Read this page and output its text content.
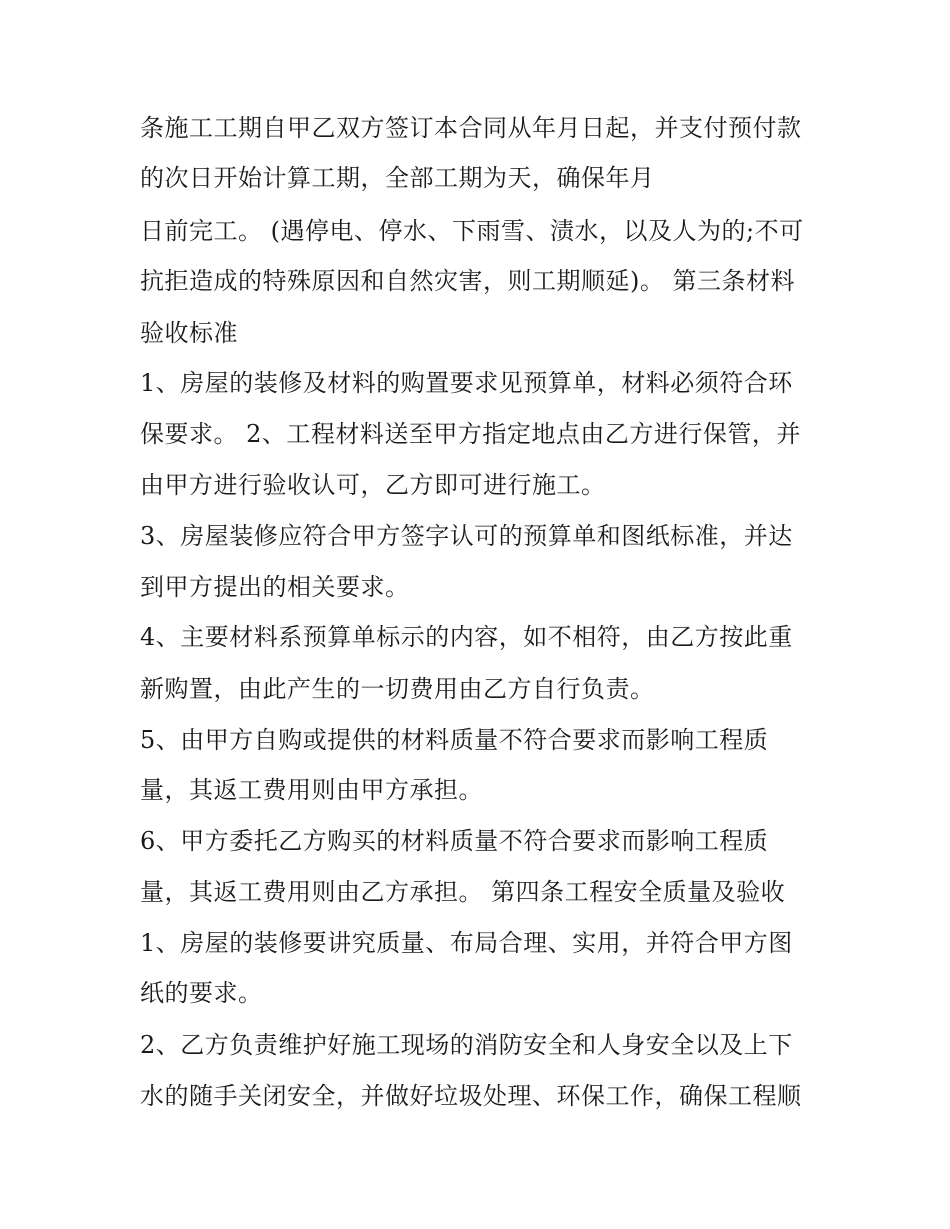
条施工工期自甲乙双方签订本合同从年月日起，并支付预付款
的次日开始计算工期，全部工期为天，确保年月
日前完工。 (遇停电、停水、下雨雪、渍水，以及人为的;不可
抗拒造成的特殊原因和自然灾害，则工期顺延)。 第三条材料
验收标准
1、房屋的装修及材料的购置要求见预算单，材料必须符合环
保要求。 2、工程材料送至甲方指定地点由乙方进行保管，并
由甲方进行验收认可，乙方即可进行施工。
3、房屋装修应符合甲方签字认可的预算单和图纸标准，并达
到甲方提出的相关要求。
4、主要材料系预算单标示的内容，如不相符，由乙方按此重
新购置，由此产生的一切费用由乙方自行负责。
5、由甲方自购或提供的材料质量不符合要求而影响工程质
量，其返工费用则由甲方承担。
6、甲方委托乙方购买的材料质量不符合要求而影响工程质
量，其返工费用则由乙方承担。 第四条工程安全质量及验收
1、房屋的装修要讲究质量、布局合理、实用，并符合甲方图
纸的要求。
2、乙方负责维护好施工现场的消防安全和人身安全以及上下
水的随手关闭安全，并做好垃圾处理、环保工作，确保工程顺
